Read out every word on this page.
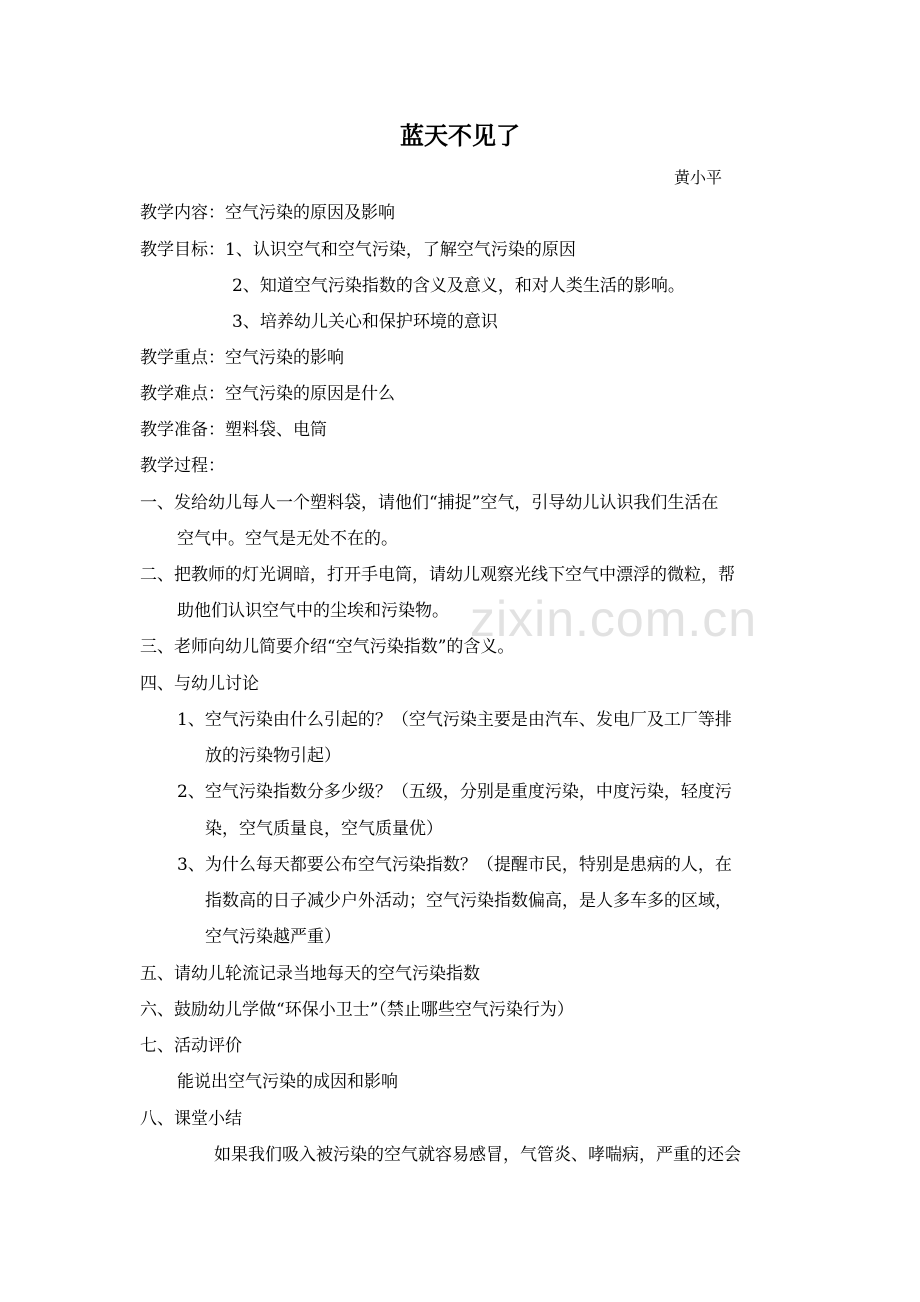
zixin.com.cn
蓝天不见了
黄小平
教学内容：空气污染的原因及影响
教学目标：1、认识空气和空气污染，了解空气污染的原因
2、知道空气污染指数的含义及意义，和对人类生活的影响。
3、培养幼儿关心和保护环境的意识
教学重点：空气污染的影响
教学难点：空气污染的原因是什么
教学准备：塑料袋、电筒
教学过程：
一、发给幼儿每人一个塑料袋，请他们“捕捉”空气，引导幼儿认识我们生活在
空气中。空气是无处不在的。
二、把教师的灯光调暗，打开手电筒，请幼儿观察光线下空气中漂浮的微粒，帮
助他们认识空气中的尘埃和污染物。
三、老师向幼儿简要介绍“空气污染指数”的含义。
四、与幼儿讨论
1、空气污染由什么引起的？（空气污染主要是由汽车、发电厂及工厂等排
放的污染物引起）
2、空气污染指数分多少级？（五级，分别是重度污染，中度污染，轻度污
染，空气质量良，空气质量优）
3、为什么每天都要公布空气污染指数？（提醒市民，特别是患病的人，在
指数高的日子减少户外活动；空气污染指数偏高，是人多车多的区域，
空气污染越严重）
五、请幼儿轮流记录当地每天的空气污染指数
六、鼓励幼儿学做“环保小卫士”（禁止哪些空气污染行为）
七、活动评价
能说出空气污染的成因和影响
八、课堂小结
如果我们吸入被污染的空气就容易感冒，气管炎、哮喘病，严重的还会
